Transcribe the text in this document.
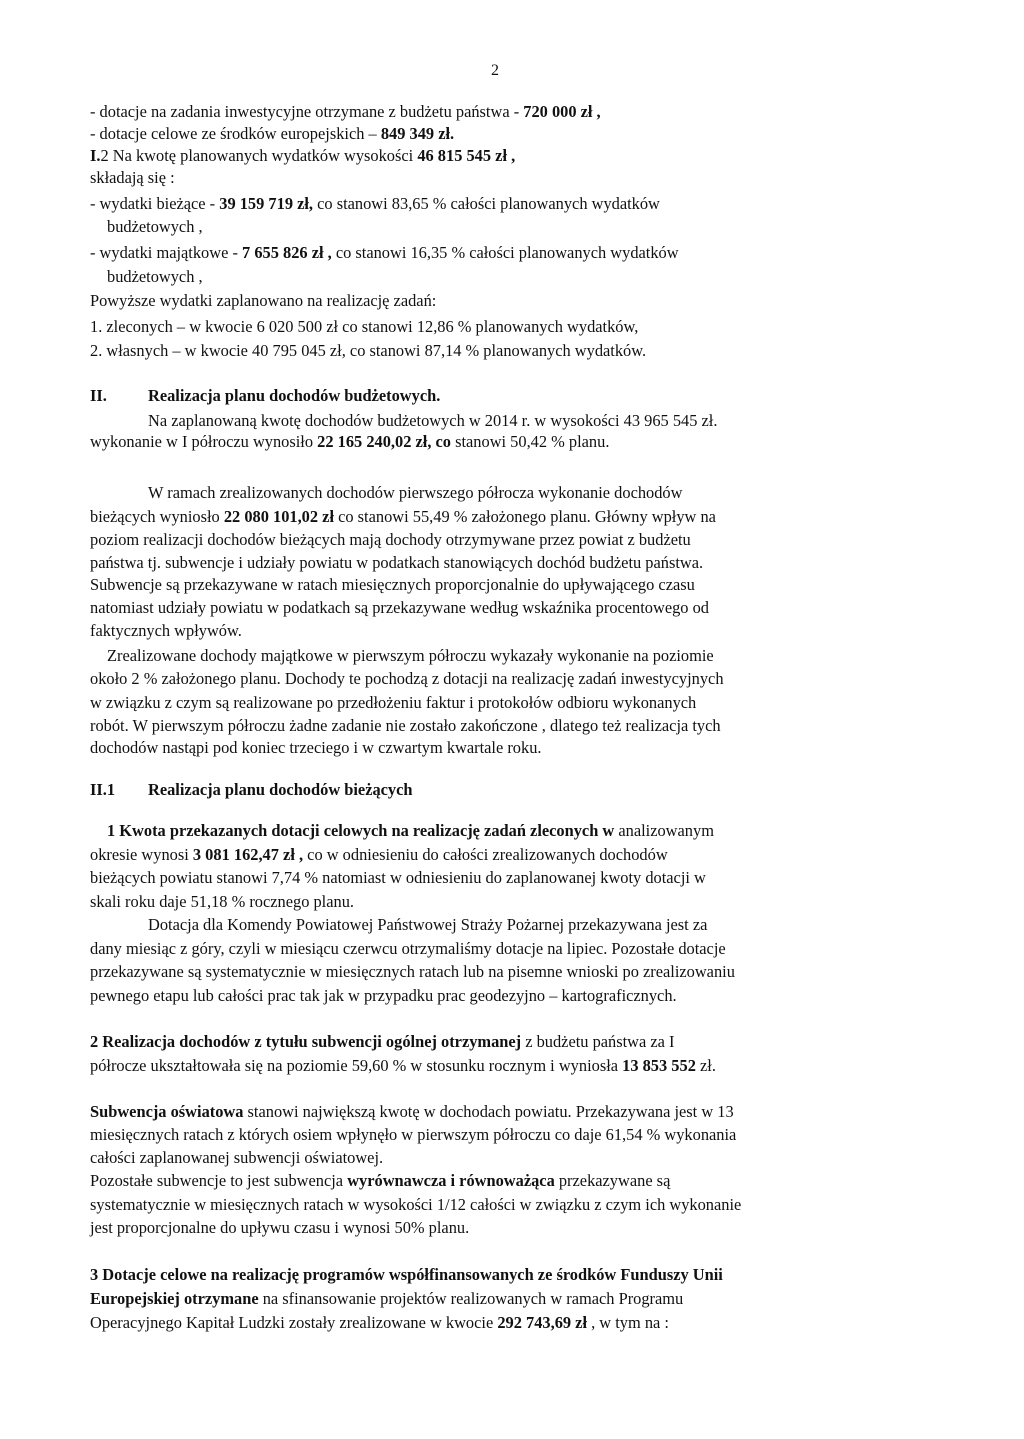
2
- dotacje na zadania inwestycyjne otrzymane z budżetu państwa - 720 000 zł ,
- dotacje celowe ze środków europejskich – 849 349 zł.
I.2 Na kwotę planowanych wydatków wysokości 46 815 545 zł ,
składają się :
- wydatki bieżące - 39 159 719 zł, co stanowi 83,65 % całości planowanych wydatków
budżetowych ,
- wydatki majątkowe - 7 655 826 zł , co stanowi 16,35 % całości planowanych wydatków
budżetowych ,
Powyższe wydatki zaplanowano na realizację zadań:
1. zleconych – w kwocie 6 020 500 zł co stanowi 12,86 % planowanych wydatków,
2. własnych – w kwocie 40 795 045 zł, co stanowi 87,14 % planowanych wydatków.
II.	Realizacja planu dochodów budżetowych.
Na zaplanowaną kwotę dochodów budżetowych w 2014 r. w wysokości 43 965 545 zł.
wykonanie w I półroczu wynosiło 22 165 240,02 zł, co stanowi 50,42 % planu.
W ramach zrealizowanych dochodów pierwszego półrocza wykonanie dochodów
bieżących wyniosło 22 080 101,02 zł co stanowi 55,49 % założonego planu. Główny wpływ na
poziom realizacji dochodów bieżących mają dochody otrzymywane przez powiat z budżetu
państwa tj. subwencje i udziały powiatu w podatkach stanowiących dochód budżetu państwa.
Subwencje są przekazywane w ratach miesięcznych proporcjonalnie do upływającego czasu
natomiast udziały powiatu w podatkach są przekazywane według wskaźnika procentowego od
faktycznych wpływów.
Zrealizowane dochody majątkowe w pierwszym półroczu wykazały wykonanie na poziomie
około 2 % założonego planu. Dochody te pochodzą z dotacji na realizację zadań inwestycyjnych
w związku z czym są realizowane po przedłożeniu faktur i protokołów odbioru wykonanych
robót. W pierwszym półroczu żadne zadanie nie zostało zakończone , dlatego też realizacja tych
dochodów nastąpi pod koniec trzeciego i w czwartym kwartale roku.
II.1 Realizacja planu dochodów bieżących
1 Kwota przekazanych dotacji celowych na realizację zadań zleconych w analizowanym
okresie wynosi 3 081 162,47 zł , co w odniesieniu do całości zrealizowanych dochodów
bieżących powiatu stanowi 7,74 % natomiast w odniesieniu do zaplanowanej kwoty dotacji w
skali roku daje 51,18 % rocznego planu.
Dotacja dla Komendy Powiatowej Państwowej Straży Pożarnej przekazywana jest za
dany miesiąc z góry, czyli w miesiącu czerwcu otrzymaliśmy dotacje na lipiec. Pozostałe dotacje
przekazywane są systematycznie w miesięcznych ratach lub na pisemne wnioski po zrealizowaniu
pewnego etapu lub całości prac tak jak w przypadku prac geodezyjno – kartograficznych.
2 Realizacja dochodów z tytułu subwencji ogólnej otrzymanej z budżetu państwa za I
półrocze ukształtowała się na poziomie 59,60 % w stosunku rocznym i wyniosła 13 853 552 zł.
Subwencja oświatowa stanowi największą kwotę w dochodach powiatu. Przekazywana jest w 13
miesięcznych ratach z których osiem wpłynęło w pierwszym półroczu co daje 61,54 % wykonania
całości zaplanowanej subwencji oświatowej.
Pozostałe subwencje to jest subwencja wyrównawcza i równoważąca przekazywane są
systematycznie w miesięcznych ratach w wysokości 1/12 całości w związku z czym ich wykonanie
jest proporcjonalne do upływu czasu i wynosi 50% planu.
3 Dotacje celowe na realizację programów współfinansowanych ze środków Funduszy Unii
Europejskiej otrzymane na sfinansowanie projektów realizowanych w ramach Programu
Operacyjnego Kapitał Ludzki zostały zrealizowane w kwocie 292 743,69 zł , w tym na :
